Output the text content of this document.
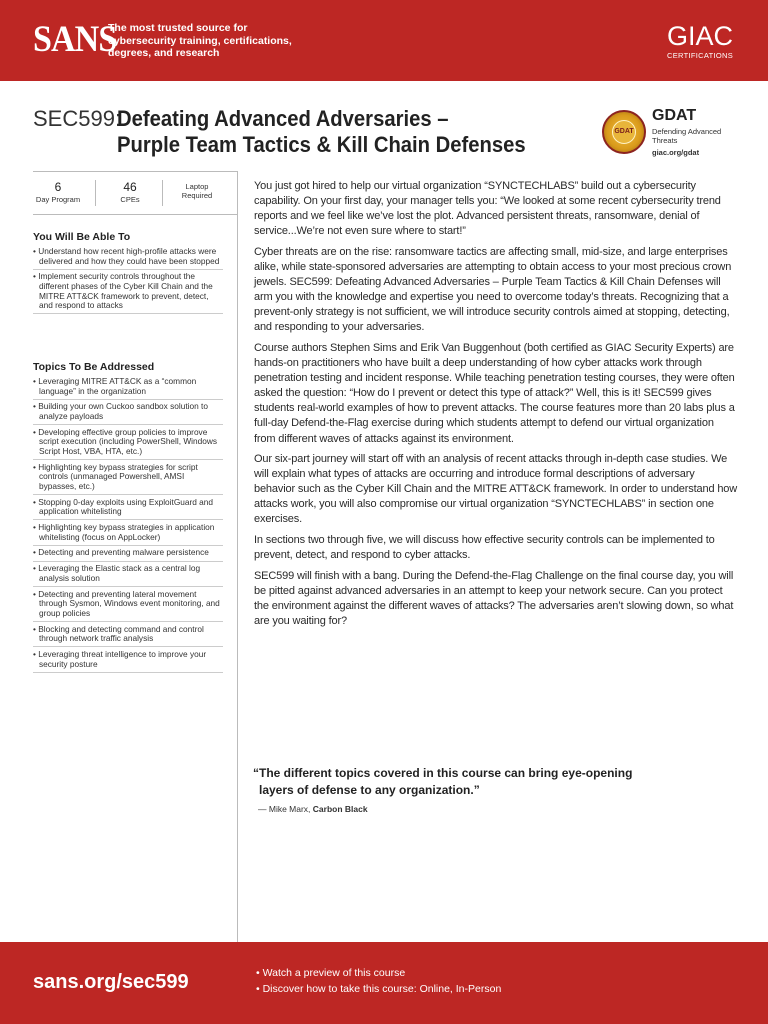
SANS
The most trusted source for cybersecurity training, certifications, degrees, and research
GIAC
CERTIFICATIONS
SEC599:
Defeating Advanced Adversaries –
Purple Team Tactics & Kill Chain Defenses
GDAT
GDAT
Defending Advanced Threats
giac.org/gdat
6
Day Program
46
CPEs
Laptop Required
You Will Be Able To
• Understand how recent high-profile attacks were delivered and how they could have been stopped
• Implement security controls throughout the different phases of the Cyber Kill Chain and the MITRE ATT&CK framework to prevent, detect, and respond to attacks
Topics To Be Addressed
• Leveraging MITRE ATT&CK as a “common language” in the organization
• Building your own Cuckoo sandbox solution to analyze payloads
• Developing effective group policies to improve script execution (including PowerShell, Windows Script Host, VBA, HTA, etc.)
• Highlighting key bypass strategies for script controls (unmanaged Powershell, AMSI bypasses, etc.)
• Stopping 0-day exploits using ExploitGuard and application whitelisting
• Highlighting key bypass strategies in application whitelisting (focus on AppLocker)
• Detecting and preventing malware persistence
• Leveraging the Elastic stack as a central log analysis solution
• Detecting and preventing lateral movement through Sysmon, Windows event monitoring, and group policies
• Blocking and detecting command and control through network traffic analysis
• Leveraging threat intelligence to improve your security posture

You just got hired to help our virtual organization “SYNCTECHLABS” build out a cybersecurity capability. On your first day, your manager tells you: “We looked at some recent cybersecurity trend reports and we feel like we’ve lost the plot. Advanced persistent threats, ransomware, denial of service...We’re not even sure where to start!”

Cyber threats are on the rise: ransomware tactics are affecting small, mid-size, and large enterprises alike, while state-sponsored adversaries are attempting to obtain access to your most precious crown jewels. SEC599: Defeating Advanced Adversaries – Purple Team Tactics & Kill Chain Defenses will arm you with the knowledge and expertise you need to overcome today’s threats. Recognizing that a prevent-only strategy is not sufficient, we will introduce security controls aimed at stopping, detecting, and responding to your adversaries.

Course authors Stephen Sims and Erik Van Buggenhout (both certified as GIAC Security Experts) are hands-on practitioners who have built a deep understanding of how cyber attacks work through penetration testing and incident response. While teaching penetration testing courses, they were often asked the question: “How do I prevent or detect this type of attack?” Well, this is it! SEC599 gives students real-world examples of how to prevent attacks. The course features more than 20 labs plus a full-day Defend-the-Flag exercise during which students attempt to defend our virtual organization from different waves of attacks against its environment.

Our six-part journey will start off with an analysis of recent attacks through in-depth case studies. We will explain what types of attacks are occurring and introduce formal descriptions of adversary behavior such as the Cyber Kill Chain and the MITRE ATT&CK framework. In order to understand how attacks work, you will also compromise our virtual organization “SYNCTECHLABS” in section one exercises.

In sections two through five, we will discuss how effective security controls can be implemented to prevent, detect, and respond to cyber attacks.

SEC599 will finish with a bang. During the Defend-the-Flag Challenge on the final course day, you will be pitted against advanced adversaries in an attempt to keep your network secure. Can you protect the environment against the different waves of attacks? The adversaries aren’t slowing down, so what are you waiting for?

“The different topics covered in this course can bring eye-opening
layers of defense to any organization.”
— Mike Marx, Carbon Black
sans.org/sec599
•	Watch a preview of this course
• Discover how to take this course: Online, In-Person
